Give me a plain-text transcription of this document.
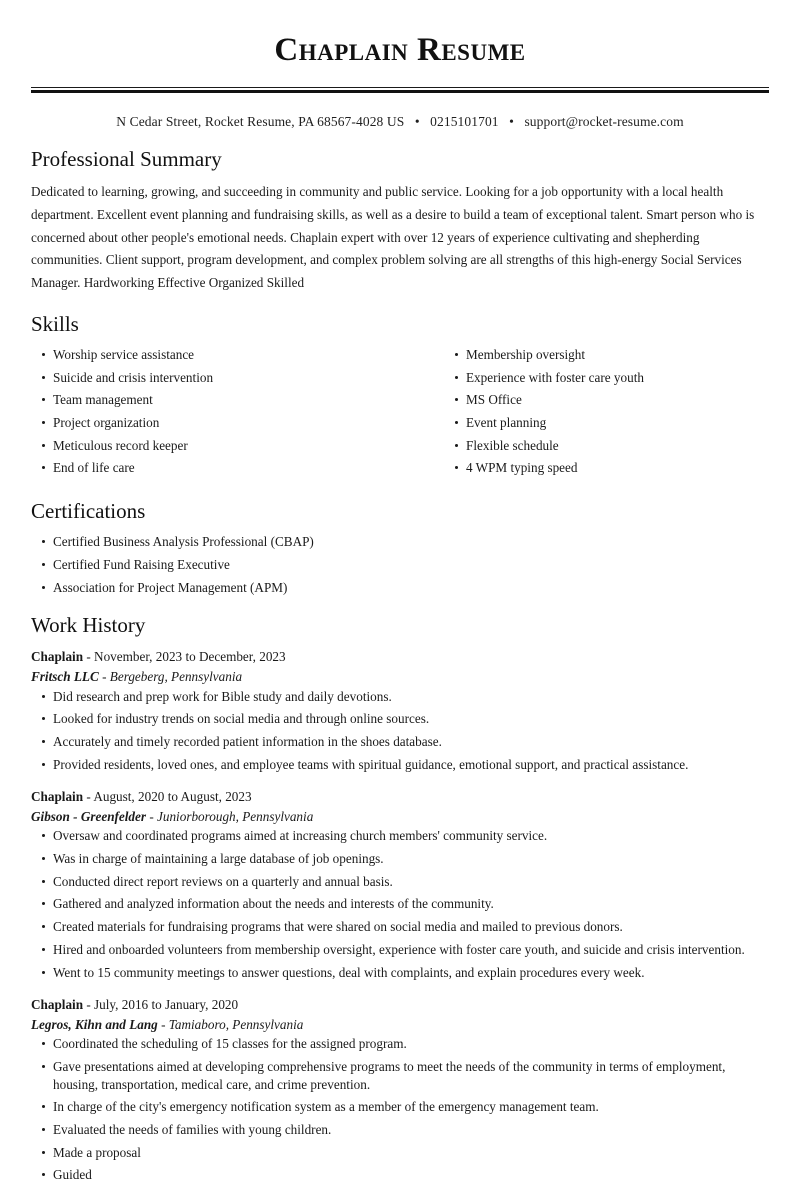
Chaplain Resume
N Cedar Street, Rocket Resume, PA 68567-4028 US • 0215101701 • support@rocket-resume.com
Professional Summary

Dedicated to learning, growing, and succeeding in community and public service. Looking for a job opportunity with a local health department. Excellent event planning and fundraising skills, as well as a desire to build a team of exceptional talent. Smart person who is concerned about other people's emotional needs. Chaplain expert with over 12 years of experience cultivating and shepherding communities. Client support, program development, and complex problem solving are all strengths of this high-energy Social Services Manager. Hardworking Effective Organized Skilled

Skills
Worship service assistance
Suicide and crisis intervention
Team management
Project organization
Meticulous record keeper
End of life care
Membership oversight
Experience with foster care youth
MS Office
Event planning
Flexible schedule
4 WPM typing speed
Certifications
Certified Business Analysis Professional (CBAP)
Certified Fund Raising Executive
Association for Project Management (APM)
Work History
Chaplain - November, 2023 to December, 2023
Fritsch LLC - Bergeberg, Pennsylvania
Did research and prep work for Bible study and daily devotions.
Looked for industry trends on social media and through online sources.
Accurately and timely recorded patient information in the shoes database.
Provided residents, loved ones, and employee teams with spiritual guidance, emotional support, and practical assistance.
Chaplain - August, 2020 to August, 2023
Gibson - Greenfelder - Juniorborough, Pennsylvania
Oversaw and coordinated programs aimed at increasing church members' community service.
Was in charge of maintaining a large database of job openings.
Conducted direct report reviews on a quarterly and annual basis.
Gathered and analyzed information about the needs and interests of the community.
Created materials for fundraising programs that were shared on social media and mailed to previous donors.
Hired and onboarded volunteers from membership oversight, experience with foster care youth, and suicide and crisis intervention.
Went to 15 community meetings to answer questions, deal with complaints, and explain procedures every week.
Chaplain - July, 2016 to January, 2020
Legros, Kihn and Lang - Tamiaboro, Pennsylvania
Coordinated the scheduling of 15 classes for the assigned program.
Gave presentations aimed at developing comprehensive programs to meet the needs of the community in terms of employment, housing, transportation, medical care, and crime prevention.
In charge of the city's emergency notification system as a member of the emergency management team.
Evaluated the needs of families with young children.
Made a proposal
Guided
